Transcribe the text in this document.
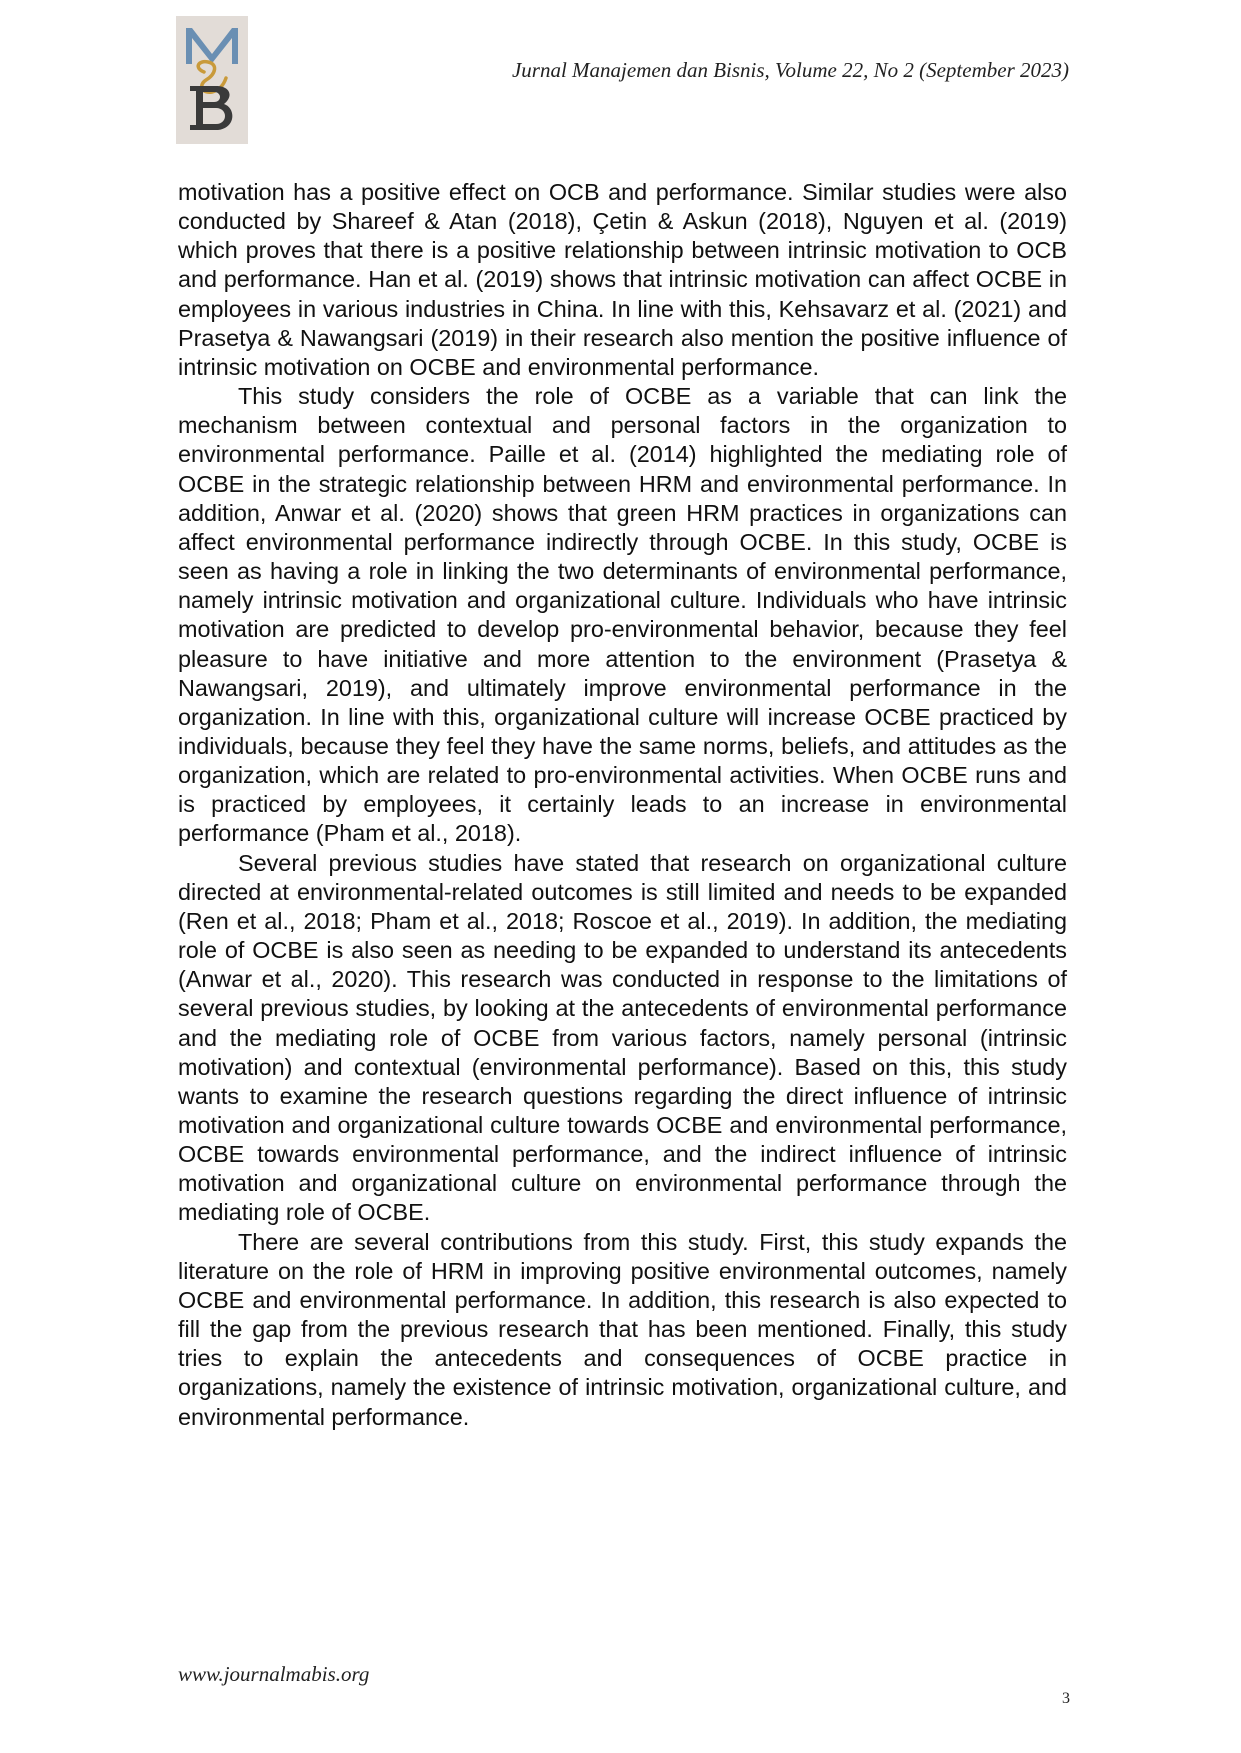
Jurnal Manajemen dan Bisnis, Volume 22, No 2 (September 2023)

motivation has a positive effect on OCB and performance. Similar studies were also conducted by Shareef & Atan (2018), Çetin & Askun (2018), Nguyen et al. (2019) which proves that there is a positive relationship between intrinsic motivation to OCB and performance. Han et al. (2019) shows that intrinsic motivation can affect OCBE in employees in various industries in China. In line with this, Kehsavarz et al. (2021) and Prasetya & Nawangsari (2019) in their research also mention the positive influence of intrinsic motivation on OCBE and environmental performance.

This study considers the role of OCBE as a variable that can link the mechanism between contextual and personal factors in the organization to environmental performance. Paille et al. (2014) highlighted the mediating role of OCBE in the strategic relationship between HRM and environmental performance. In addition, Anwar et al. (2020) shows that green HRM practices in organizations can affect environmental performance indirectly through OCBE. In this study, OCBE is seen as having a role in linking the two determinants of environmental performance, namely intrinsic motivation and organizational culture. Individuals who have intrinsic motivation are predicted to develop pro-environmental behavior, because they feel pleasure to have initiative and more attention to the environment (Prasetya & Nawangsari, 2019), and ultimately improve environmental performance in the organization. In line with this, organizational culture will increase OCBE practiced by individuals, because they feel they have the same norms, beliefs, and attitudes as the organization, which are related to pro-environmental activities. When OCBE runs and is practiced by employees, it certainly leads to an increase in environmental performance (Pham et al., 2018).

Several previous studies have stated that research on organizational culture directed at environmental-related outcomes is still limited and needs to be expanded (Ren et al., 2018; Pham et al., 2018; Roscoe et al., 2019). In addition, the mediating role of OCBE is also seen as needing to be expanded to understand its antecedents (Anwar et al., 2020). This research was conducted in response to the limitations of several previous studies, by looking at the antecedents of environmental performance and the mediating role of OCBE from various factors, namely personal (intrinsic motivation) and contextual (environmental performance). Based on this, this study wants to examine the research questions regarding the direct influence of intrinsic motivation and organizational culture towards OCBE and environmental performance, OCBE towards environmental performance, and the indirect influence of intrinsic motivation and organizational culture on environmental performance through the mediating role of OCBE.

There are several contributions from this study. First, this study expands the literature on the role of HRM in improving positive environmental outcomes, namely OCBE and environmental performance. In addition, this research is also expected to fill the gap from the previous research that has been mentioned. Finally, this study tries to explain the antecedents and consequences of OCBE practice in organizations, namely the existence of intrinsic motivation, organizational culture, and environmental performance.

www.journalmabis.org
3
